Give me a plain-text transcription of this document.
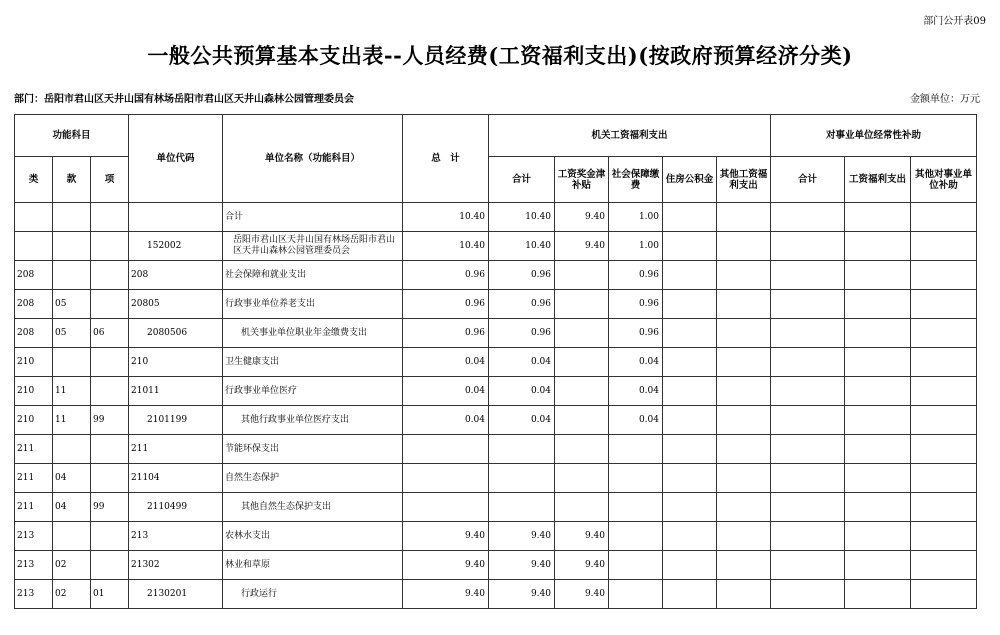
部门公开表09
一般公共预算基本支出表--人员经费(工资福利支出)(按政府预算经济分类)
部门：岳阳市君山区天井山国有林场岳阳市君山区天井山森林公园管理委员会	金额单位：万元
功能科目			单位代码	单位名称（功能科目）	总　计	机关工资福利支出					对事业单位经常性补助		
类	款	项				合计	工资奖金津补贴	社会保障缴费	住房公积金	其他工资福利支出	合计	工资福利支出	其他对事业单位补助
				合计	10.40	10.40	9.40	1.00					
			152002	岳阳市君山区天井山国有林场岳阳市君山区天井山森林公园管理委员会	10.40	10.40	9.40	1.00					
208			208	社会保障和就业支出	0.96	0.96		0.96					
208	05		20805	行政事业单位养老支出	0.96	0.96		0.96					
208	05	06	2080506	机关事业单位职业年金缴费支出	0.96	0.96		0.96					
210			210	卫生健康支出	0.04	0.04		0.04					
210	11		21011	行政事业单位医疗	0.04	0.04		0.04					
210	11	99	2101199	其他行政事业单位医疗支出	0.04	0.04		0.04					
211			211	节能环保支出									
211	04		21104	自然生态保护									
211	04	99	2110499	其他自然生态保护支出									
213			213	农林水支出	9.40	9.40	9.40						
213	02		21302	林业和草原	9.40	9.40	9.40						
213	02	01	2130201	行政运行	9.40	9.40	9.40						
